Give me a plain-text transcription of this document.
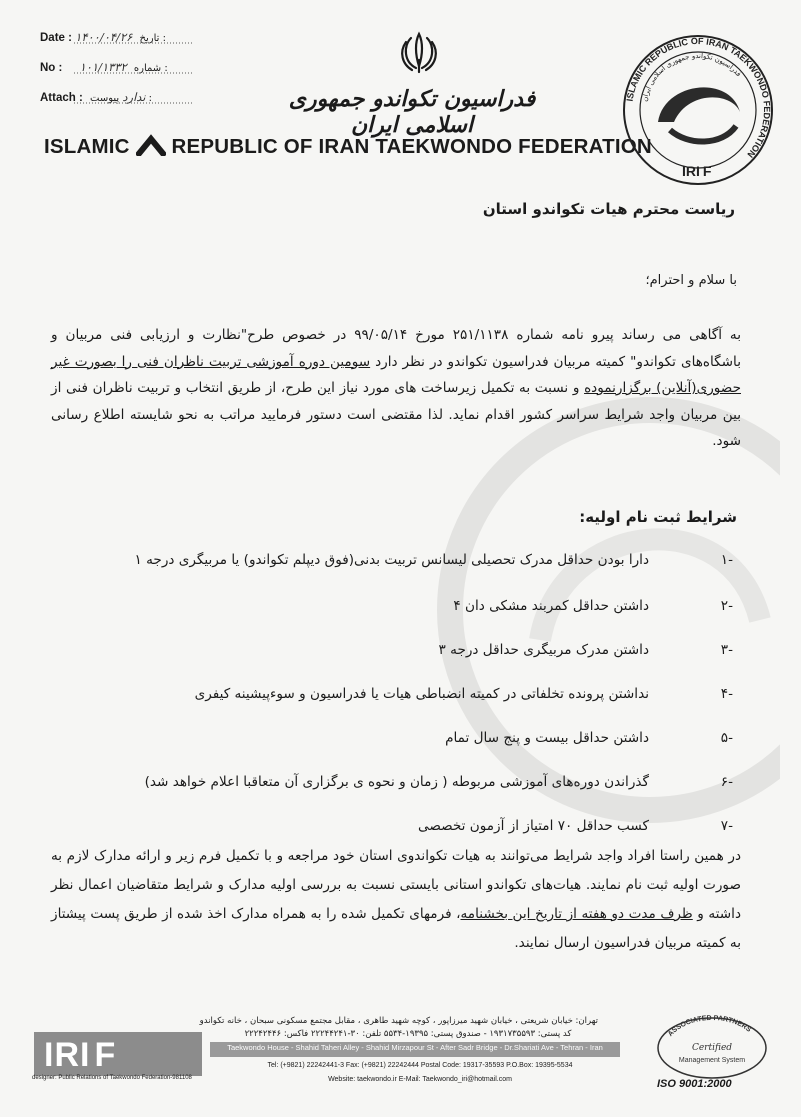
Date : ۱۴۰۰/۰۴/۲۶ تاریخ :
No : ۱۰۱/۱۳۳۲ شماره :
Attach :	ندارد پیوست :	فدراسیون تکواندو جمهوری اسلامی ایران
ISLAMIC REPUBLIC OF IRAN TAEKWONDO FEDERATION
ISLAMIC REPUBLIC OF IRAN TAEKWONDO FEDERATION
فدراسیون تکواندو جمهوری اسلامی ایران
IRI F
ریاست محترم هیات تکواندو استان
با سلام و احترام؛
به آگاهی می رساند پیرو نامه شماره ۲۵۱/۱۱۳۸ مورخ ۹۹/۰۵/۱۴ در خصوص طرح"نظارت و ارزیابی فنی مربیان و باشگاه‌های تکواندو" کمیته مربیان فدراسیون تکواندو در نظر دارد سومین دوره آموزشی تربیت ناظران فنی را بصورت غیر حضوری(آنلاین) برگزارنموده و نسبت به تکمیل زیرساخت های مورد نیاز این طرح، از طریق انتخاب و تربیت ناظران فنی از بین مربیان واجد شرایط سراسر کشور اقدام نماید. لذا مقتضی است دستور فرمایید مراتب به نحو شایسته اطلاع رسانی شود.
شرایط ثبت نام اولیه:
-۱دارا بودن حداقل مدرک تحصیلی لیسانس تربیت بدنی(فوق دیپلم تکواندو) یا مربیگری درجه ۱
-۲داشتن حداقل کمربند مشکی دان ۴
-۳داشتن مدرک مربیگری حداقل درجه ۳
-۴نداشتن پرونده تخلفاتی در کمیته انضباطی هیات یا فدراسیون و سوءپیشینه کیفری
-۵داشتن حداقل بیست و پنج سال تمام
-۶گذراندن دوره‌های آموزشی مربوطه ( زمان و نحوه ی برگزاری آن متعاقبا اعلام خواهد شد)
-۷کسب حداقل ۷۰ امتیاز از آزمون تخصصی
در همین راستا افراد واجد شرایط می‌توانند به هیات تکواندوی استان خود مراجعه و با تکمیل فرم زیر و ارائه مدارک لازم به صورت اولیه ثبت نام نمایند. هیات‌های تکواندو استانی بایستی نسبت به بررسی اولیه مدارک و شرایط متقاضیان اعمال نظر داشته و ظرف مدت دو هفته از تاریخ این بخشنامه، فرمهای تکمیل شده را به همراه مدارک اخذ شده از طریق پست پیشتاز به کمیته مربیان فدراسیون ارسال نمایند.
IRI F
designer: Public Relations of Taekwondo Federation-981108
تهران: خیابان شریعتی ، خیابان شهید میرزاپور ، کوچه شهید طاهری ، مقابل مجتمع مسکونی سبحان ، خانه تکواندو
کد پستی: ۱۹۳۱۷۳۵۵۹۳ - صندوق پستی: ۱۹۳۹۵-۵۵۳۴ تلفن: ۳۰-۲۲۲۴۴۲۴۱ فاکس: ۲۲۲۴۲۴۴۶
Taekwondo House - Shahid Taheri Alley - Shahid Mirzapour St - After Sadr Bridge - Dr.Shariati Ave - Tehran - Iran
Tel: (+9821) 22242441-3 Fax: (+9821) 22242444 Postal Code: 19317-35593 P.O.Box: 19395-5534
Website: taekwondo.ir E-Mail: Taekwondo_iri@hotmail.com
ASSOCIATED PARTNERS
Certified
Management System
ISO 9001:2000
